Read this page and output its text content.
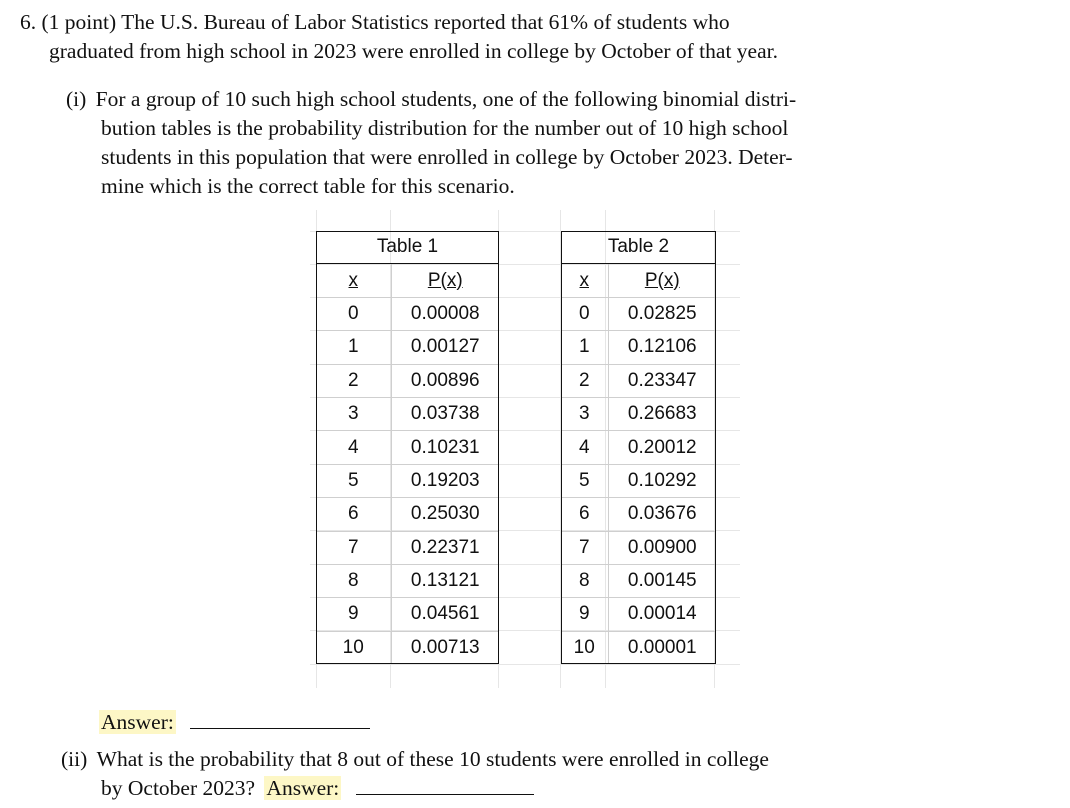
6. (1 point) The U.S. Bureau of Labor Statistics reported that 61% of students who
graduated from high school in 2023 were enrolled in college by October of that year.
(i) For a group of 10 such high school students, one of the following binomial distri-
bution tables is the probability distribution for the number out of 10 high school
students in this population that were enrolled in college by October 2023. Deter-
mine which is the correct table for this scenario.
Table 1	
x	P(x)
0	0.00008
1	0.00127
2	0.00896
3	0.03738
4	0.10231
5	0.19203
6	0.25030
7	0.22371
8	0.13121
9	0.04561
10	0.00713
Table 2	
x	P(x)
0	0.02825
1	0.12106
2	0.23347
3	0.26683
4	0.20012
5	0.10292
6	0.03676
7	0.00900
8	0.00145
9	0.00014
10	0.00001
Answer:
(ii) What is the probability that 8 out of these 10 students were enrolled in college
by October 2023? Answer:
